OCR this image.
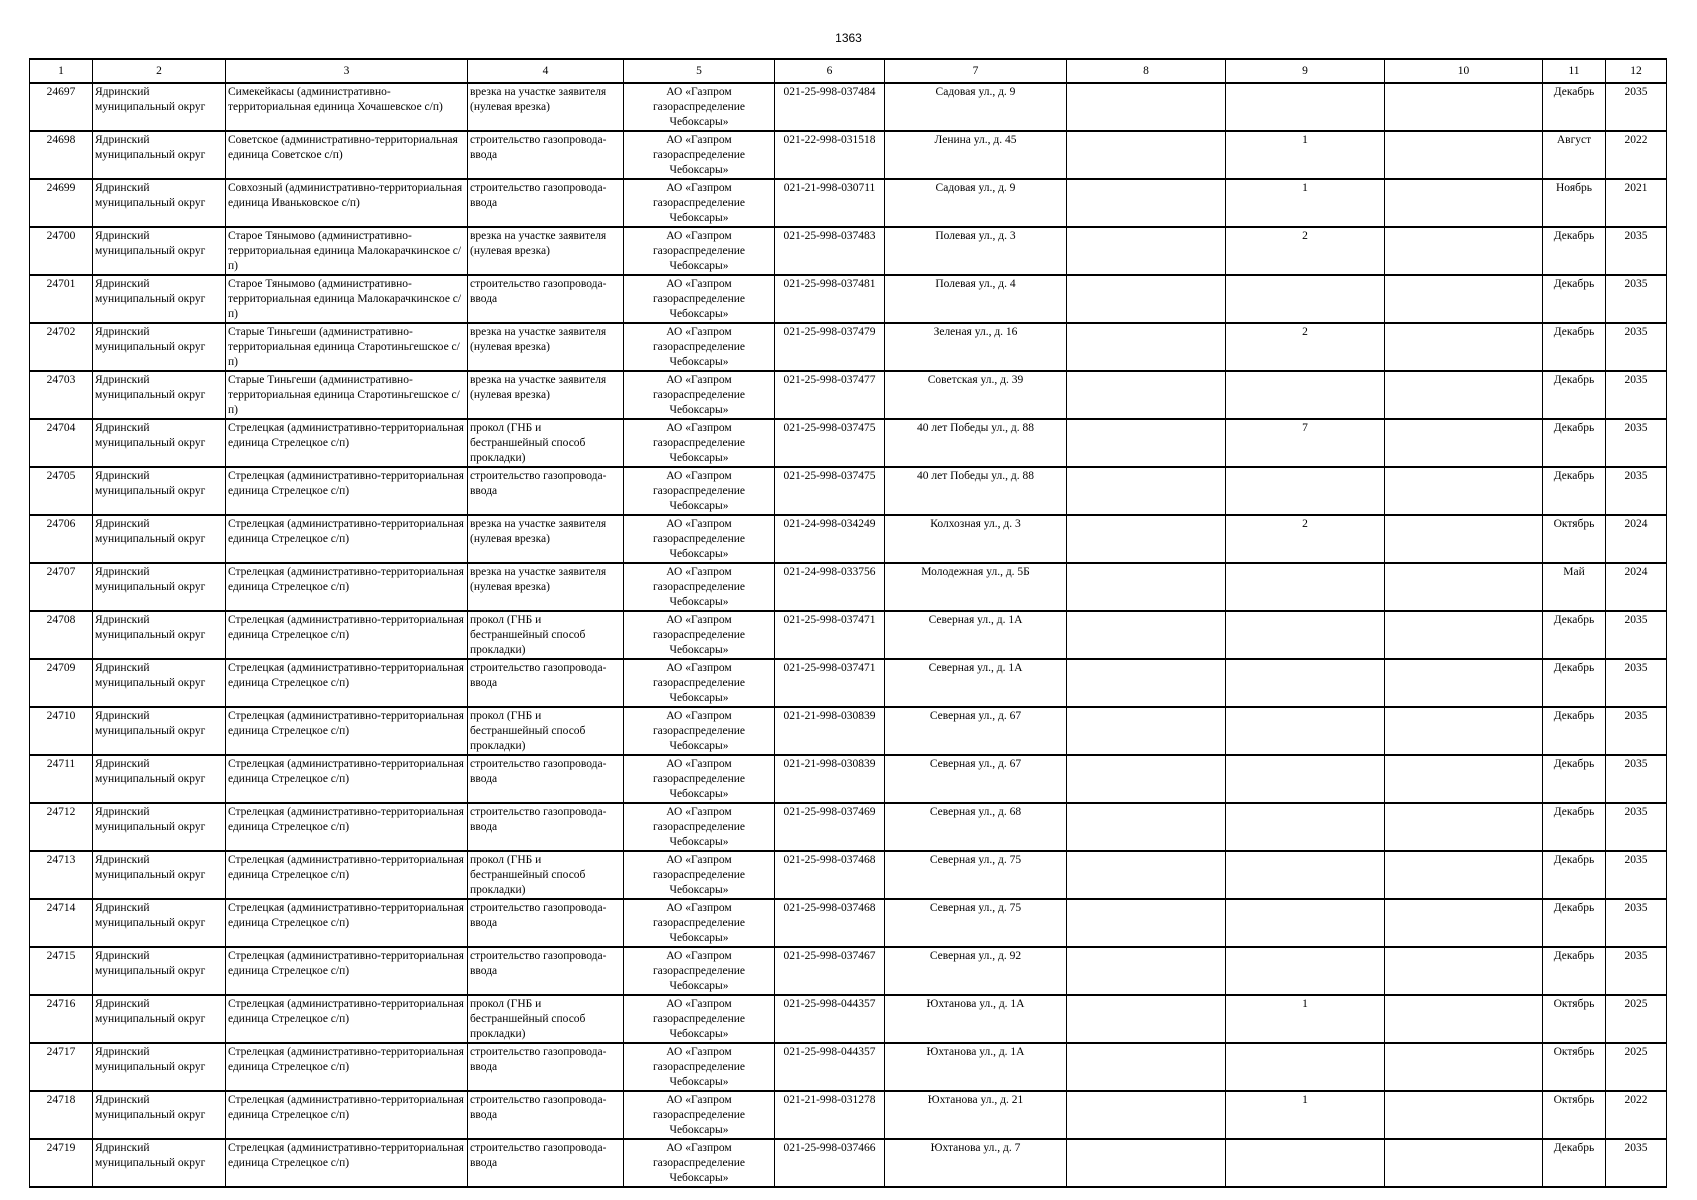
1363
1	2	3	4	5	6	7	8	9	10	11	12
24697	Ядринский муниципальный округ	Симекейкасы (административно-территориальная единица Хочашевское с/п)	врезка на участке заявителя (нулевая врезка)	АО «Газпром газораспределение Чебоксары»	021-25-998-037484	Садовая ул., д. 9				Декабрь	2035
24698	Ядринский муниципальный округ	Советское (административно-территориальная единица Советское с/п)	строительство газопровода-ввода	АО «Газпром газораспределение Чебоксары»	021-22-998-031518	Ленина ул., д. 45		1		Август	2022
24699	Ядринский муниципальный округ	Совхозный (административно-территориальная единица Иваньковское с/п)	строительство газопровода-ввода	АО «Газпром газораспределение Чебоксары»	021-21-998-030711	Садовая ул., д. 9		1		Ноябрь	2021
24700	Ядринский муниципальный округ	Старое Тянымово (административно-территориальная единица Малокарачкинское с/п)	врезка на участке заявителя (нулевая врезка)	АО «Газпром газораспределение Чебоксары»	021-25-998-037483	Полевая ул., д. 3		2		Декабрь	2035
24701	Ядринский муниципальный округ	Старое Тянымово (административно-территориальная единица Малокарачкинское с/п)	строительство газопровода-ввода	АО «Газпром газораспределение Чебоксары»	021-25-998-037481	Полевая ул., д. 4				Декабрь	2035
24702	Ядринский муниципальный округ	Старые Тиньгеши (административно-территориальная единица Старотиньгешское с/п)	врезка на участке заявителя (нулевая врезка)	АО «Газпром газораспределение Чебоксары»	021-25-998-037479	Зеленая ул., д. 16		2		Декабрь	2035
24703	Ядринский муниципальный округ	Старые Тиньгеши (административно-территориальная единица Старотиньгешское с/п)	врезка на участке заявителя (нулевая врезка)	АО «Газпром газораспределение Чебоксары»	021-25-998-037477	Советская ул., д. 39				Декабрь	2035
24704	Ядринский муниципальный округ	Стрелецкая (административно-территориальная единица Стрелецкое с/п)	прокол (ГНБ и бестраншейный способ прокладки)	АО «Газпром газораспределение Чебоксары»	021-25-998-037475	40 лет Победы ул., д. 88		7		Декабрь	2035
24705	Ядринский муниципальный округ	Стрелецкая (административно-территориальная единица Стрелецкое с/п)	строительство газопровода-ввода	АО «Газпром газораспределение Чебоксары»	021-25-998-037475	40 лет Победы ул., д. 88				Декабрь	2035
24706	Ядринский муниципальный округ	Стрелецкая (административно-территориальная единица Стрелецкое с/п)	врезка на участке заявителя (нулевая врезка)	АО «Газпром газораспределение Чебоксары»	021-24-998-034249	Колхозная ул., д. 3		2		Октябрь	2024
24707	Ядринский муниципальный округ	Стрелецкая (административно-территориальная единица Стрелецкое с/п)	врезка на участке заявителя (нулевая врезка)	АО «Газпром газораспределение Чебоксары»	021-24-998-033756	Молодежная ул., д. 5Б				Май	2024
24708	Ядринский муниципальный округ	Стрелецкая (административно-территориальная единица Стрелецкое с/п)	прокол (ГНБ и бестраншейный способ прокладки)	АО «Газпром газораспределение Чебоксары»	021-25-998-037471	Северная ул., д. 1А				Декабрь	2035
24709	Ядринский муниципальный округ	Стрелецкая (административно-территориальная единица Стрелецкое с/п)	строительство газопровода-ввода	АО «Газпром газораспределение Чебоксары»	021-25-998-037471	Северная ул., д. 1А				Декабрь	2035
24710	Ядринский муниципальный округ	Стрелецкая (административно-территориальная единица Стрелецкое с/п)	прокол (ГНБ и бестраншейный способ прокладки)	АО «Газпром газораспределение Чебоксары»	021-21-998-030839	Северная ул., д. 67				Декабрь	2035
24711	Ядринский муниципальный округ	Стрелецкая (административно-территориальная единица Стрелецкое с/п)	строительство газопровода-ввода	АО «Газпром газораспределение Чебоксары»	021-21-998-030839	Северная ул., д. 67				Декабрь	2035
24712	Ядринский муниципальный округ	Стрелецкая (административно-территориальная единица Стрелецкое с/п)	строительство газопровода-ввода	АО «Газпром газораспределение Чебоксары»	021-25-998-037469	Северная ул., д. 68				Декабрь	2035
24713	Ядринский муниципальный округ	Стрелецкая (административно-территориальная единица Стрелецкое с/п)	прокол (ГНБ и бестраншейный способ прокладки)	АО «Газпром газораспределение Чебоксары»	021-25-998-037468	Северная ул., д. 75				Декабрь	2035
24714	Ядринский муниципальный округ	Стрелецкая (административно-территориальная единица Стрелецкое с/п)	строительство газопровода-ввода	АО «Газпром газораспределение Чебоксары»	021-25-998-037468	Северная ул., д. 75				Декабрь	2035
24715	Ядринский муниципальный округ	Стрелецкая (административно-территориальная единица Стрелецкое с/п)	строительство газопровода-ввода	АО «Газпром газораспределение Чебоксары»	021-25-998-037467	Северная ул., д. 92				Декабрь	2035
24716	Ядринский муниципальный округ	Стрелецкая (административно-территориальная единица Стрелецкое с/п)	прокол (ГНБ и бестраншейный способ прокладки)	АО «Газпром газораспределение Чебоксары»	021-25-998-044357	Юхтанова ул., д. 1А		1		Октябрь	2025
24717	Ядринский муниципальный округ	Стрелецкая (административно-территориальная единица Стрелецкое с/п)	строительство газопровода-ввода	АО «Газпром газораспределение Чебоксары»	021-25-998-044357	Юхтанова ул., д. 1А				Октябрь	2025
24718	Ядринский муниципальный округ	Стрелецкая (административно-территориальная единица Стрелецкое с/п)	строительство газопровода-ввода	АО «Газпром газораспределение Чебоксары»	021-21-998-031278	Юхтанова ул., д. 21		1		Октябрь	2022
24719	Ядринский муниципальный округ	Стрелецкая (административно-территориальная единица Стрелецкое с/п)	строительство газопровода-ввода	АО «Газпром газораспределение Чебоксары»	021-25-998-037466	Юхтанова ул., д. 7				Декабрь	2035
